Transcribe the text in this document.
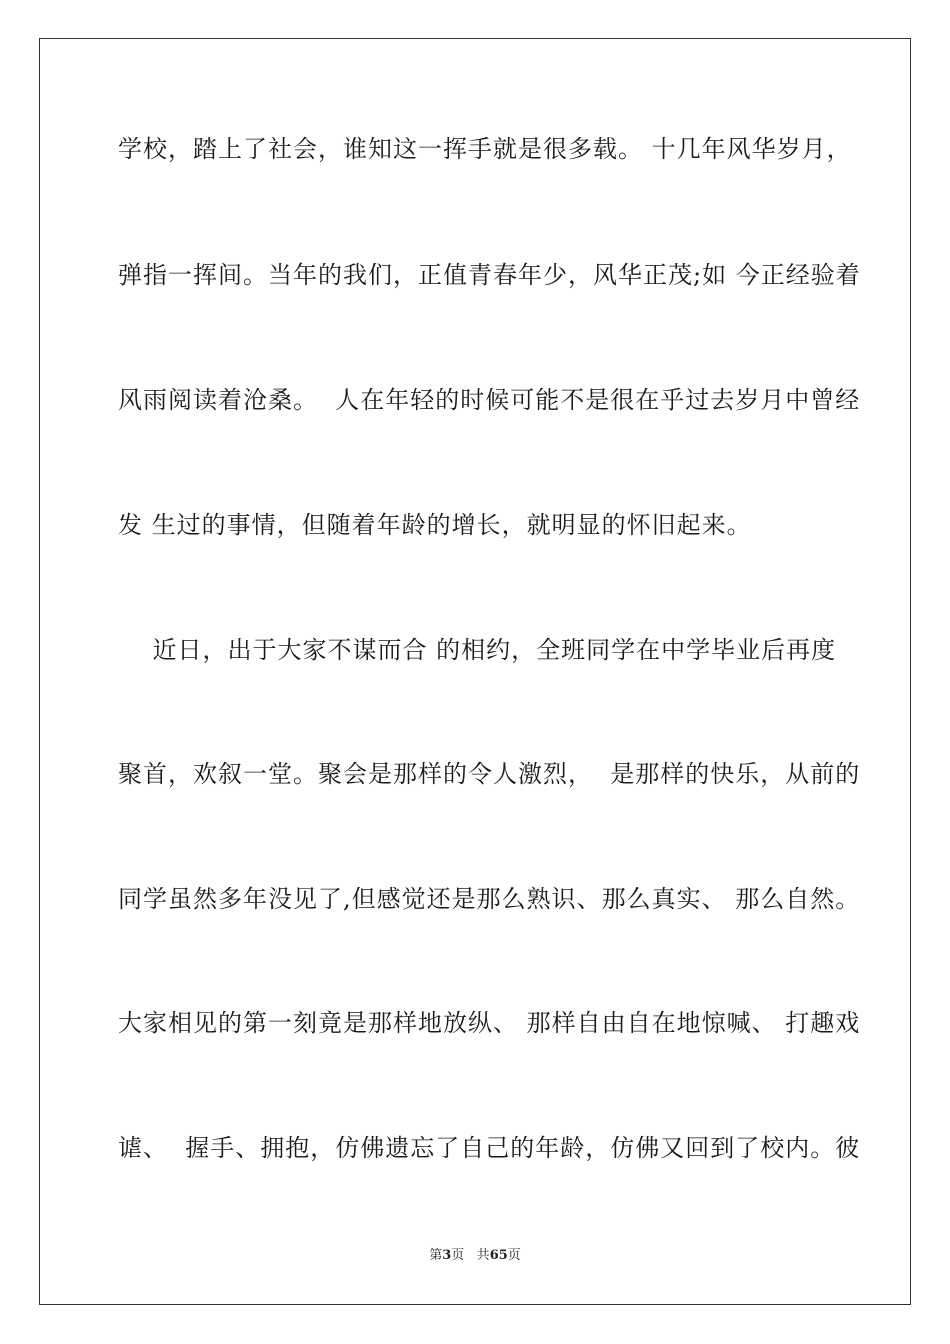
学校，踏上了社会，谁知这一挥手就是很多载。 十几年风华岁月，
弹指一挥间。当年的我们，正值青春年少，风华正茂;如 今正经验着
风雨阅读着沧桑。  人在年轻的时候可能不是很在乎过去岁月中曾经
发 生过的事情，但随着年龄的增长，就明显的怀旧起来。
近日，出于大家不谋而合 的相约，全班同学在中学毕业后再度
聚首，欢叙一堂。聚会是那样的令人激烈，  是那样的快乐，从前的
同学虽然多年没见了,但感觉还是那么熟识、那么真实、 那么自然。
大家相见的第一刻竟是那样地放纵、 那样自由自在地惊喊、 打趣戏
谑、  握手、拥抱，仿佛遗忘了自己的年龄，仿佛又回到了校内。彼
第3页 共65页
